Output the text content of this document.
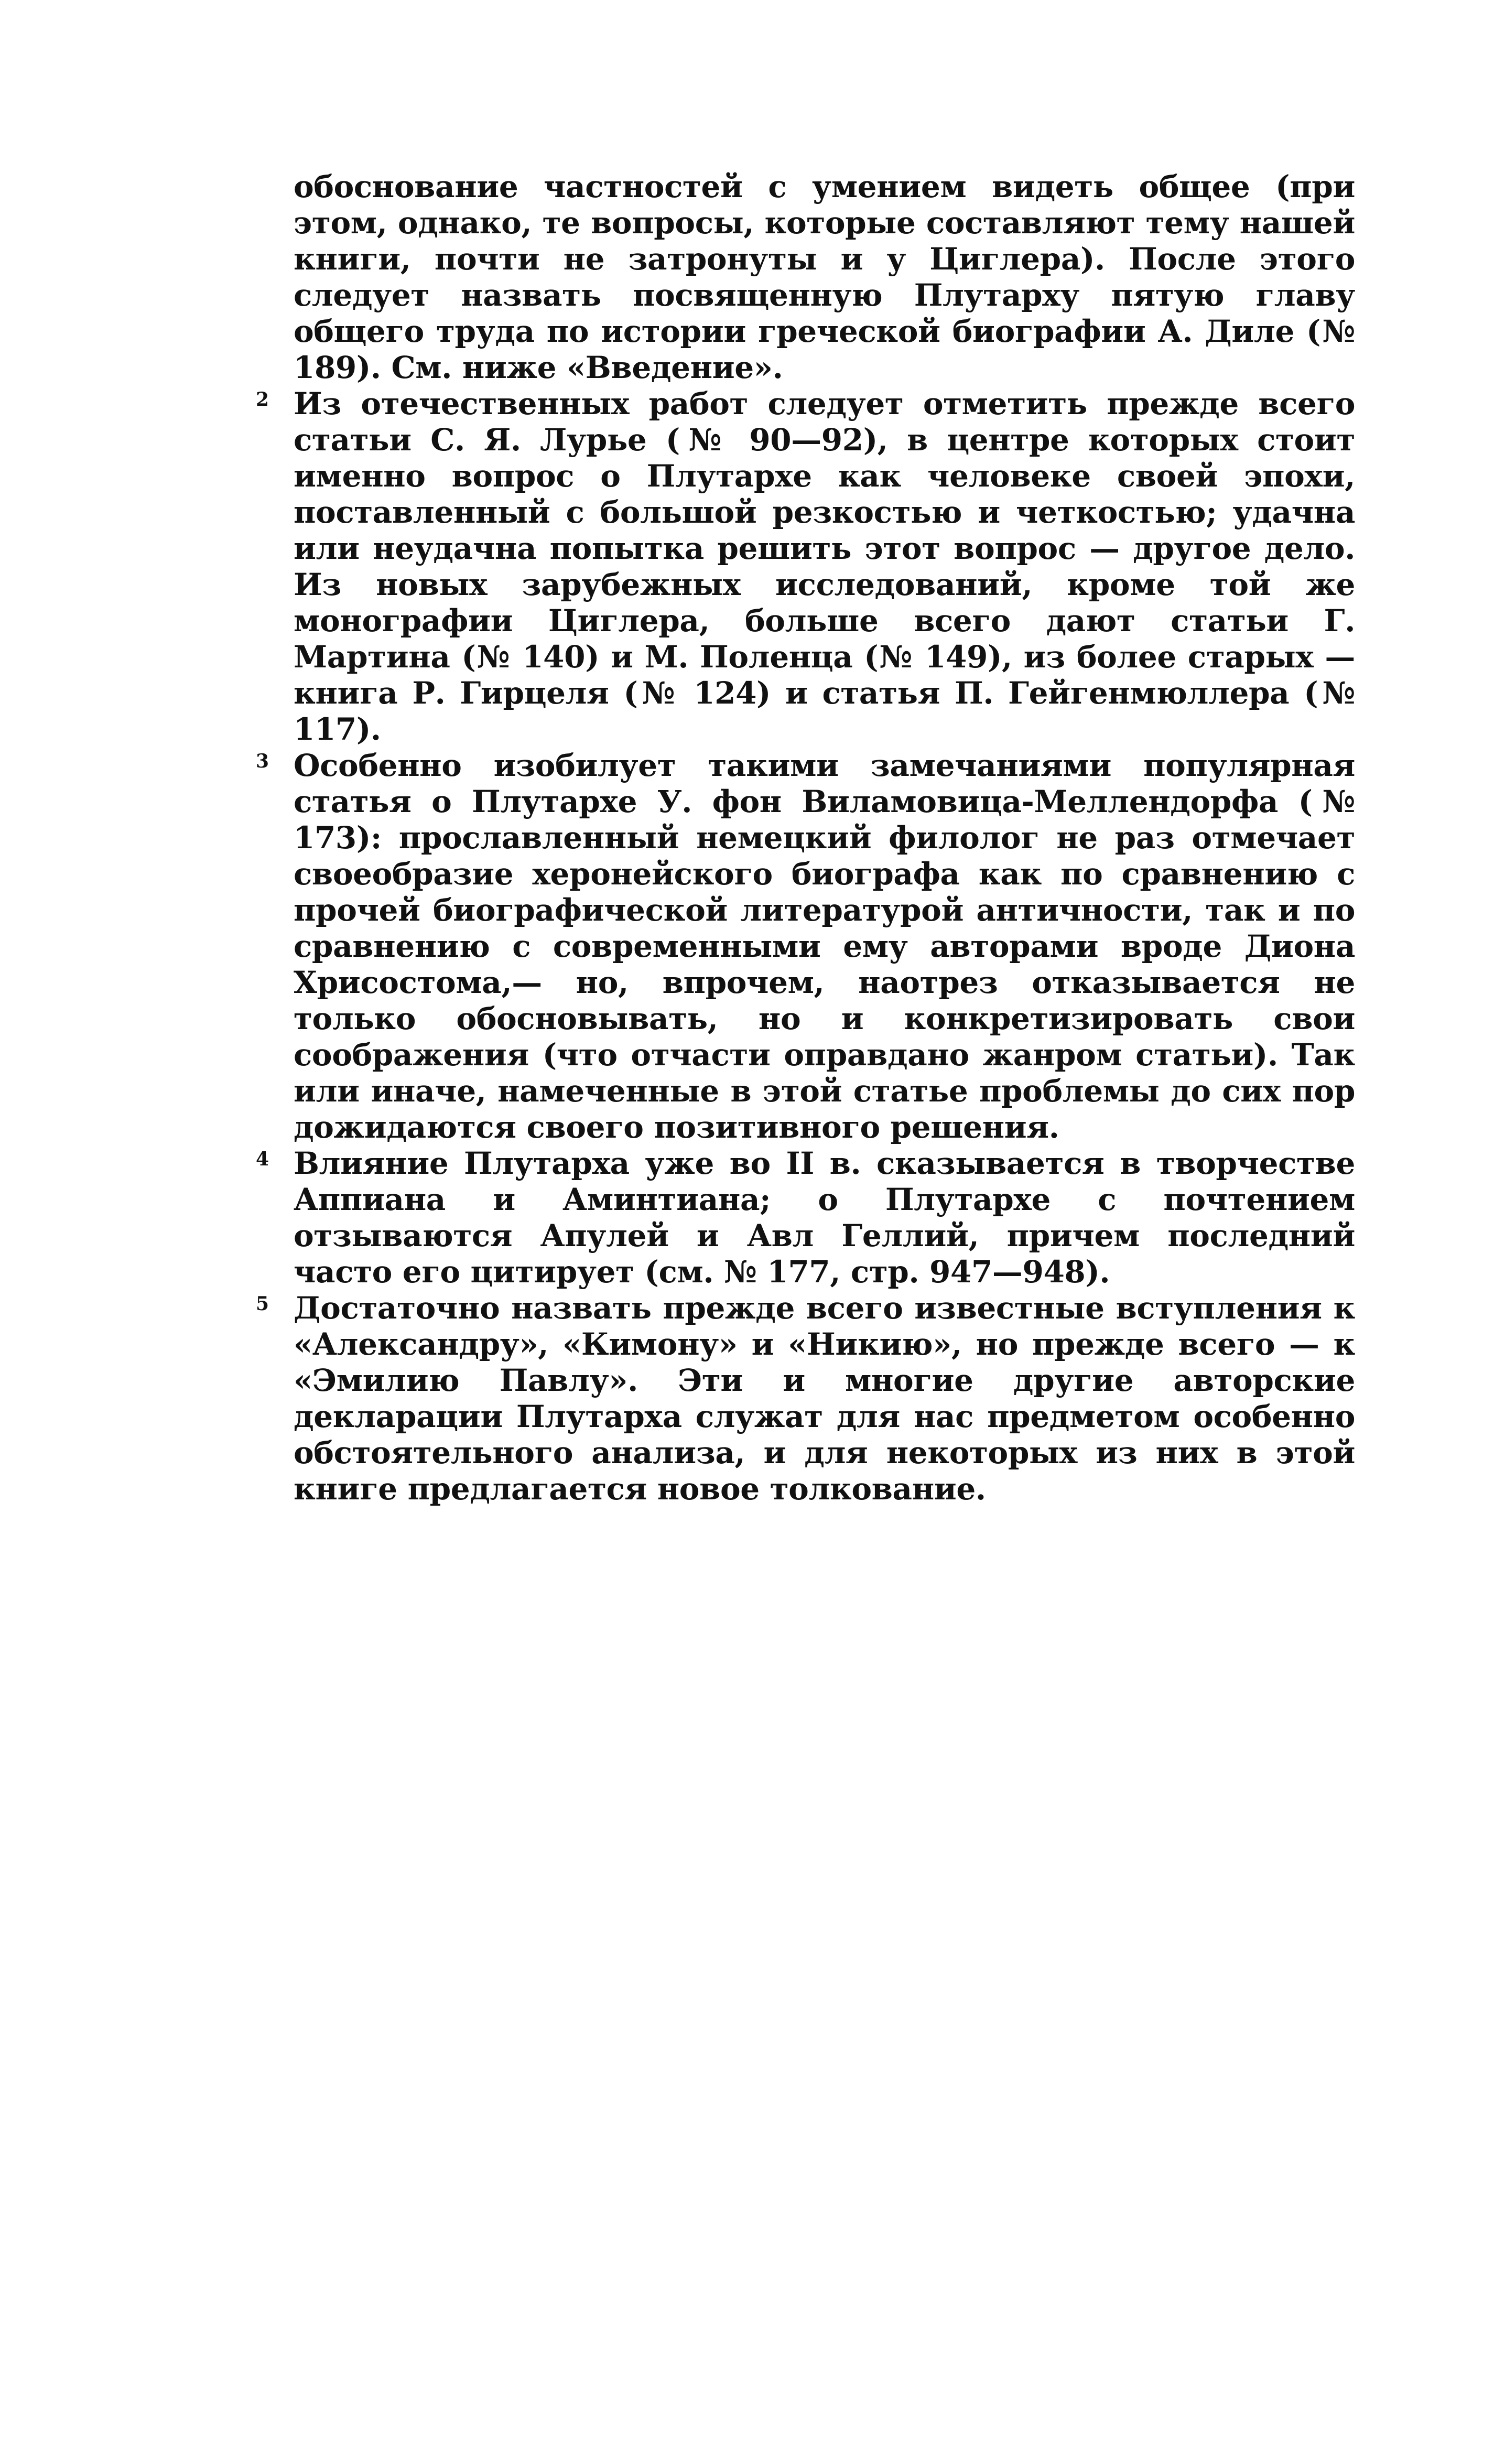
обоснование частностей с умением видеть общее (при этом, однако, те вопросы, которые составляют тему нашей книги, почти не затронуты и у Циглера). После этого следует назвать посвященную Плутарху пятую главу общего труда по истории греческой биографии А. Диле (№ 189). См. ниже «Введение».
2 Из отечественных работ следует отметить прежде всего статьи С. Я. Лурье (№ 90—92), в центре которых стоит именно вопрос о Плутархе как человеке своей эпохи, поставленный с большой резкостью и четкостью; удачна или неудачна попытка решить этот вопрос — другое дело. Из новых зарубежных исследований, кроме той же монографии Циглера, больше всего дают статьи Г. Мартина (№ 140) и М. Поленца (№ 149), из более старых — книга Р. Гирцеля (№ 124) и статья П. Гейгенмюллера (№ 117).
3 Особенно изобилует такими замечаниями популярная статья о Плутархе У. фон Виламовица-Меллендорфа (№ 173): прославленный немецкий филолог не раз отмечает своеобразие херонейского биографа как по сравнению с прочей биографической литературой античности, так и по сравнению с современными ему авторами вроде Диона Хрисостома,— но, впрочем, наотрез отказывается не только обосновывать, но и конкретизировать свои соображения (что отчасти оправдано жанром статьи). Так или иначе, намеченные в этой статье проблемы до сих пор дожидаются своего позитивного решения.
4 Влияние Плутарха уже во II в. сказывается в творчестве Аппиана и Аминтиана; о Плутархе с почтением отзываются Апулей и Авл Геллий, причем последний часто его цитирует (см. № 177, стр. 947—948).
5 Достаточно назвать прежде всего известные вступления к «Александру», «Кимону» и «Никию», но прежде всего — к «Эмилию Павлу». Эти и многие другие авторские декларации Плутарха служат для нас предметом особенно обстоятельного анализа, и для некоторых из них в этой книге предлагается новое толкование.
